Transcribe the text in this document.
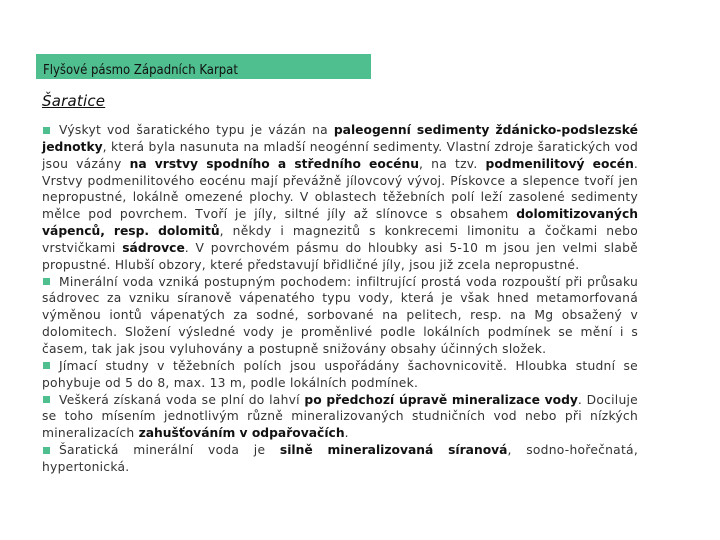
Flyšové pásmo Západních Karpat
Šaratice

Výskyt vod šaratického typu je vázán na paleogenní sedimenty ždánicko-podslezské jednotky, která byla nasunuta na mladší neogénní sedimenty. Vlastní zdroje šaratických vod jsou vázány na vrstvy spodního a středního eocénu, na tzv. podmenilitový eocén. Vrstvy podmenilitového eocénu mají převážně jílovcový vývoj. Pískovce a slepence tvoří jen nepropustné, lokálně omezené plochy. V oblastech těžebních polí leží zasolené sedimenty mělce pod povrchem. Tvoří je jíly, siltné jíly až slínovce s obsahem dolomitizovaných vápenců, resp. dolomitů, někdy i magnezitů s konkrecemi limonitu a čočkami nebo vrstvičkami sádrovce. V povrchovém pásmu do hloubky asi 5-10 m jsou jen velmi slabě propustné. Hlubší obzory, které představují břidličné jíly, jsou již zcela nepropustné.

Minerální voda vzniká postupným pochodem: infiltrující prostá voda rozpouští při průsaku sádrovec za vzniku síranově vápenatého typu vody, která je však hned metamorfovaná výměnou iontů vápenatých za sodné, sorbované na pelitech, resp. na Mg obsažený v dolomitech. Složení výsledné vody je proměnlivé podle lokálních podmínek se mění i s časem, tak jak jsou vyluhovány a postupně snižovány obsahy účinných složek.

Jímací studny v těžebních polích jsou uspořádány šachovnicovitě. Hloubka studní se pohybuje od 5 do 8, max. 13 m, podle lokálních podmínek.

Veškerá získaná voda se plní do lahví po předchozí úpravě mineralizace vody. Dociluje se toho mísením jednotlivým různě mineralizovaných studničních vod nebo při nízkých mineralizacích zahušťováním v odpařovačích.

Šaratická minerální voda je silně mineralizovaná síranová, sodno-hořečnatá, hypertonická.
